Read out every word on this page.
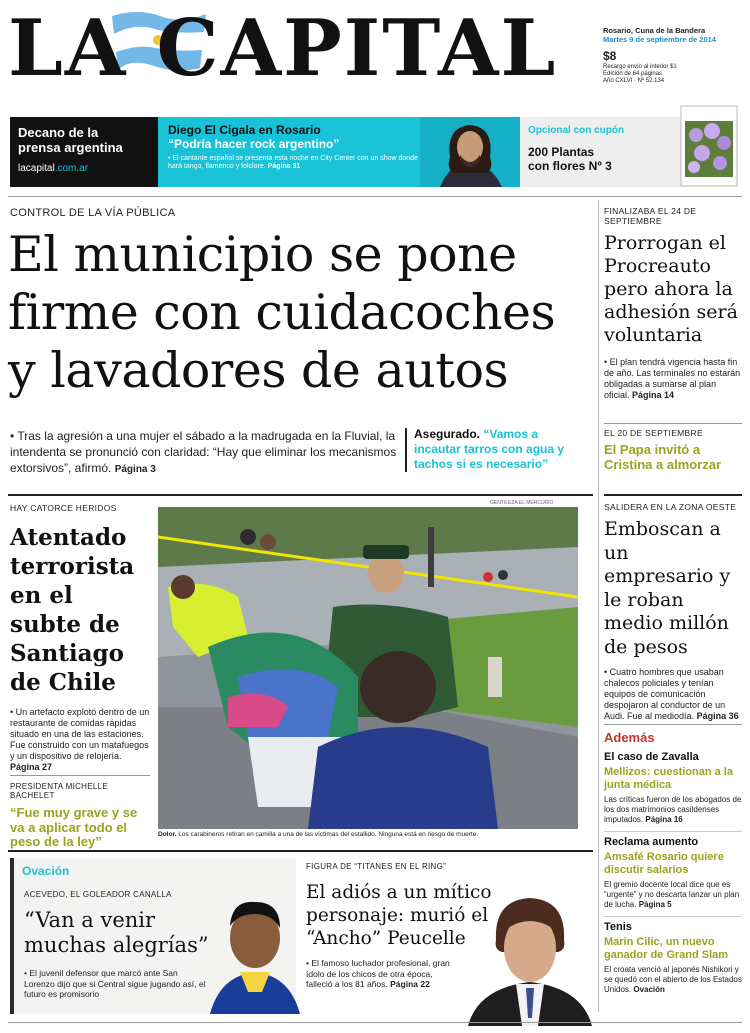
LA CAPITAL	Rosario, Cuna de la Bandera
Martes 9 de septiembre de 2014
$8
Recargo envío al interior $1
Edición de 64 páginas
Año CXLVI · Nº 52.134
Decano de la
prensa argentina
lacapital.com.ar
Diego El Cigala en Rosario
“Podría hacer rock argentino”
• El cantante español se presenta esta noche en City Center con un show donde hará tango, flamenco y folclore. Página 31
Opcional con cupón
200 Plantas
con flores Nº 3
CONTROL DE LA VÍA PÚBLICA
El municipio se pone firme con cuidacoches y lavadores de autos
• Tras la agresión a una mujer el sábado a la madrugada en la Fluvial, la intendenta se pronunció con claridad: “Hay que eliminar los mecanismos extorsivos”, afirmó. Página 3
Asegurado. “Vamos a incautar tarros con agua y tachos si es necesario”
FINALIZABA EL 24 DE SEPTIEMBRE
Prorrogan el Procreauto pero ahora la adhesión será voluntaria
• El plan tendrá vigencia hasta fin de año. Las terminales no estarán obligadas a sumarse al plan oficial. Página 14
EL 20 DE SEPTIEMBRE
El Papa invitó a Cristina a almorzar
SALIDERA EN LA ZONA OESTE
Emboscan a un empresario y le roban medio millón de pesos
• Cuatro hombres que usaban chalecos policiales y tenían equipos de comunicación despojaron al conductor de un Audi. Fue al mediodía. Página 36
Además
El caso de Zavalla
Mellizos: cuestionan a la junta médica
Las críticas fueron de los abogados de los dos matrimonios casildenses imputados. Página 16
Reclama aumento
Amsafé Rosario quiere discutir salarios
El gremio docente local dice que es “urgente” y no descarta lanzar un plan de lucha. Página 5
Tenis
Marin Cilic, un nuevo ganador de Grand Slam
El croata venció al japonés Nishikori y se quedó con el abierto de los Estados Unidos. Ovación
HAY CATORCE HERIDOS
Atentado terrorista en el subte de Santiago de Chile
• Un artefacto explotó dentro de un restaurante de comidas rápidas situado en una de las estaciones. Fue construido con un matafuegos y un dispositivo de relojería. Página 27
PRESIDENTA MICHELLE BACHELET
“Fue muy grave y se va a aplicar todo el peso de la ley”
GENTILEZA EL MERCURIO
Dolor. Los carabineros retiran en camilla a una de las víctimas del estallido. Ninguna está en riesgo de muerte.
Ovación
ACEVEDO, EL GOLEADOR CANALLA
“Van a venir muchas alegrías”
• El juvenil defensor que marcó ante San Lorenzo dijo que si Central sigue jugando así, el futuro es promisorio
FIGURA DE “TITANES EN EL RING”
El adiós a un mítico personaje: murió el “Ancho” Peucelle
• El famoso luchador profesional, gran ídolo de los chicos de otra época, falleció a los 81 años. Página 22
